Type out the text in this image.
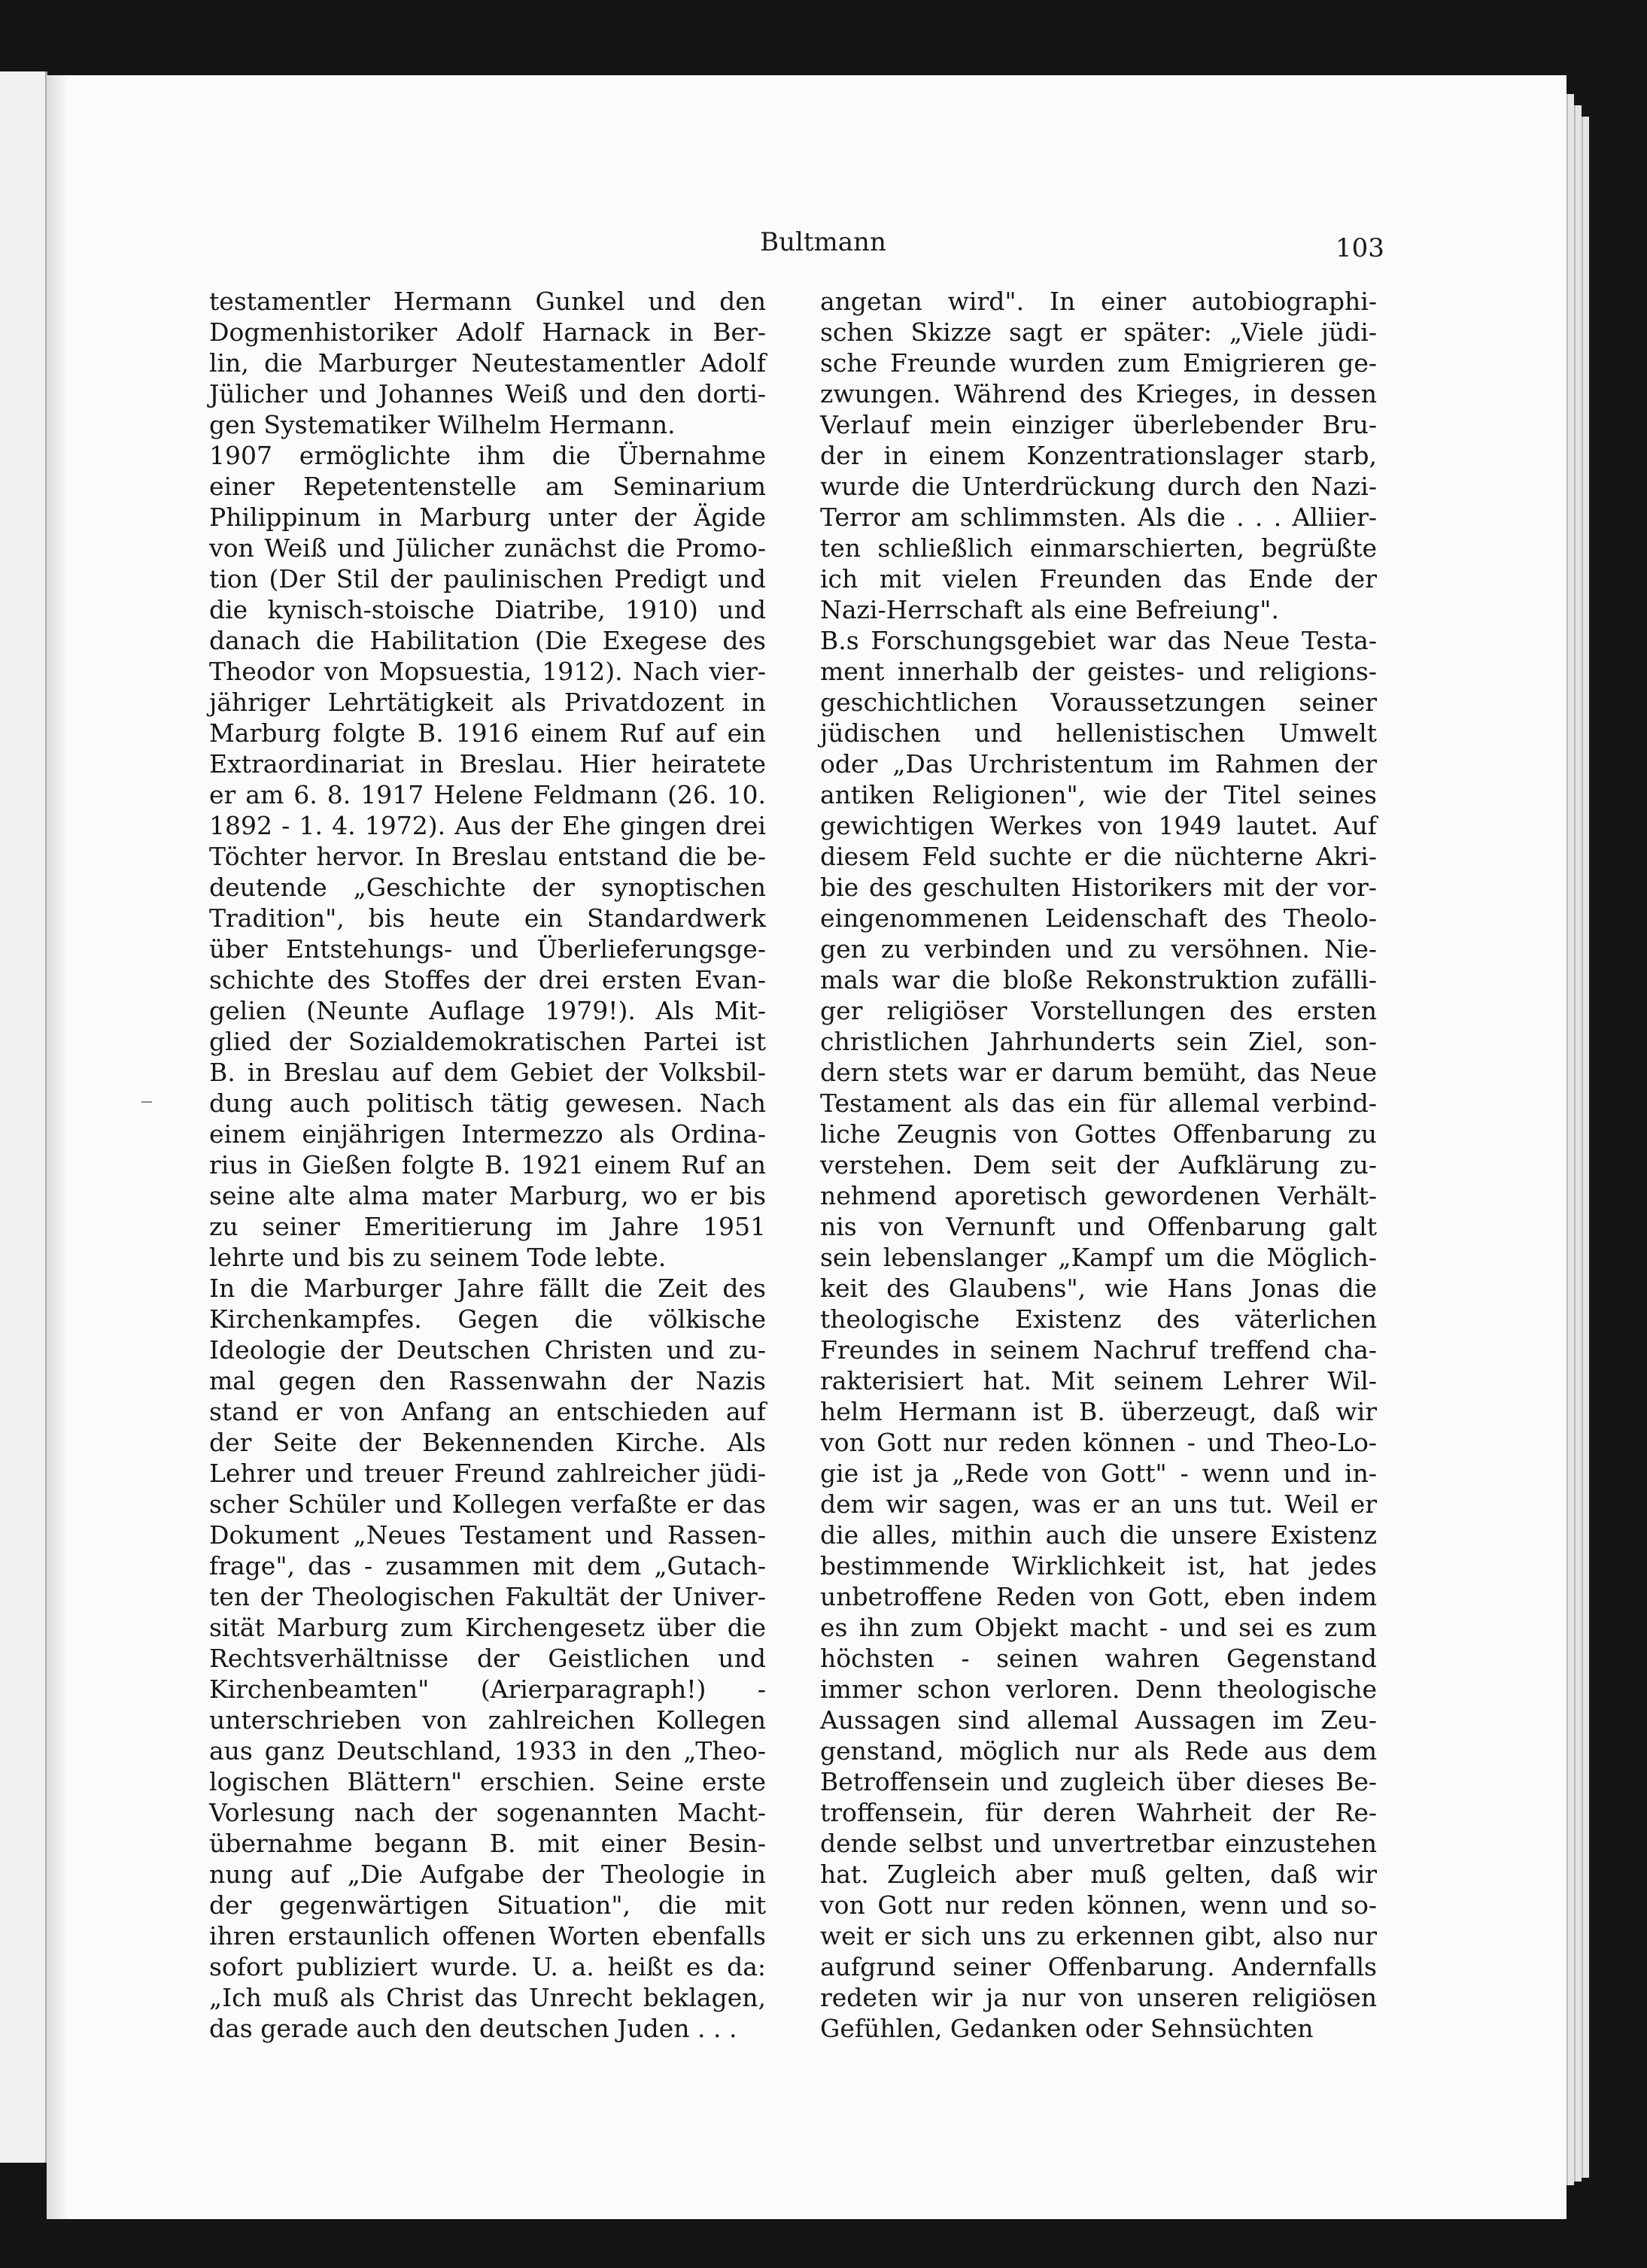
Bultmann	103
testamentler Hermann Gunkel und den
Dogmenhistoriker Adolf Harnack in Ber-
lin, die Marburger Neutestamentler Adolf
Jülicher und Johannes Weiß und den dorti-
gen Systematiker Wilhelm Hermann.
1907 ermöglichte ihm die Übernahme
einer Repetentenstelle am Seminarium
Philippinum in Marburg unter der Ägide
von Weiß und Jülicher zunächst die Promo-
tion (Der Stil der paulinischen Predigt und
die kynisch-stoische Diatribe, 1910) und
danach die Habilitation (Die Exegese des
Theodor von Mopsuestia, 1912). Nach vier-
jähriger Lehrtätigkeit als Privatdozent in
Marburg folgte B. 1916 einem Ruf auf ein
Extraordinariat in Breslau. Hier heiratete
er am 6. 8. 1917 Helene Feldmann (26. 10.
1892 - 1. 4. 1972). Aus der Ehe gingen drei
Töchter hervor. In Breslau entstand die be-
deutende „Geschichte der synoptischen
Tradition", bis heute ein Standardwerk
über Entstehungs- und Überlieferungsge-
schichte des Stoffes der drei ersten Evan-
gelien (Neunte Auflage 1979!). Als Mit-
glied der Sozialdemokratischen Partei ist
B. in Breslau auf dem Gebiet der Volksbil-
dung auch politisch tätig gewesen. Nach
einem einjährigen Intermezzo als Ordina-
rius in Gießen folgte B. 1921 einem Ruf an
seine alte alma mater Marburg, wo er bis
zu seiner Emeritierung im Jahre 1951
lehrte und bis zu seinem Tode lebte.
In die Marburger Jahre fällt die Zeit des
Kirchenkampfes. Gegen die völkische
Ideologie der Deutschen Christen und zu-
mal gegen den Rassenwahn der Nazis
stand er von Anfang an entschieden auf
der Seite der Bekennenden Kirche. Als
Lehrer und treuer Freund zahlreicher jüdi-
scher Schüler und Kollegen verfaßte er das
Dokument „Neues Testament und Rassen-
frage", das - zusammen mit dem „Gutach-
ten der Theologischen Fakultät der Univer-
sität Marburg zum Kirchengesetz über die
Rechtsverhältnisse der Geistlichen und
Kirchenbeamten" (Arierparagraph!) -
unterschrieben von zahlreichen Kollegen
aus ganz Deutschland, 1933 in den „Theo-
logischen Blättern" erschien. Seine erste
Vorlesung nach der sogenannten Macht-
übernahme begann B. mit einer Besin-
nung auf „Die Aufgabe der Theologie in
der gegenwärtigen Situation", die mit
ihren erstaunlich offenen Worten ebenfalls
sofort publiziert wurde. U. a. heißt es da:
„Ich muß als Christ das Unrecht beklagen,
das gerade auch den deutschen Juden . . .
angetan wird". In einer autobiographi-
schen Skizze sagt er später: „Viele jüdi-
sche Freunde wurden zum Emigrieren ge-
zwungen. Während des Krieges, in dessen
Verlauf mein einziger überlebender Bru-
der in einem Konzentrationslager starb,
wurde die Unterdrückung durch den Nazi-
Terror am schlimmsten. Als die . . . Alliier-
ten schließlich einmarschierten, begrüßte
ich mit vielen Freunden das Ende der
Nazi-Herrschaft als eine Befreiung".
B.s Forschungsgebiet war das Neue Testa-
ment innerhalb der geistes- und religions-
geschichtlichen Voraussetzungen seiner
jüdischen und hellenistischen Umwelt
oder „Das Urchristentum im Rahmen der
antiken Religionen", wie der Titel seines
gewichtigen Werkes von 1949 lautet. Auf
diesem Feld suchte er die nüchterne Akri-
bie des geschulten Historikers mit der vor-
eingenommenen Leidenschaft des Theolo-
gen zu verbinden und zu versöhnen. Nie-
mals war die bloße Rekonstruktion zufälli-
ger religiöser Vorstellungen des ersten
christlichen Jahrhunderts sein Ziel, son-
dern stets war er darum bemüht, das Neue
Testament als das ein für allemal verbind-
liche Zeugnis von Gottes Offenbarung zu
verstehen. Dem seit der Aufklärung zu-
nehmend aporetisch gewordenen Verhält-
nis von Vernunft und Offenbarung galt
sein lebenslanger „Kampf um die Möglich-
keit des Glaubens", wie Hans Jonas die
theologische Existenz des väterlichen
Freundes in seinem Nachruf treffend cha-
rakterisiert hat. Mit seinem Lehrer Wil-
helm Hermann ist B. überzeugt, daß wir
von Gott nur reden können - und Theo-Lo-
gie ist ja „Rede von Gott" - wenn und in-
dem wir sagen, was er an uns tut. Weil er
die alles, mithin auch die unsere Existenz
bestimmende Wirklichkeit ist, hat jedes
unbetroffene Reden von Gott, eben indem
es ihn zum Objekt macht - und sei es zum
höchsten - seinen wahren Gegenstand
immer schon verloren. Denn theologische
Aussagen sind allemal Aussagen im Zeu-
genstand, möglich nur als Rede aus dem
Betroffensein und zugleich über dieses Be-
troffensein, für deren Wahrheit der Re-
dende selbst und unvertretbar einzustehen
hat. Zugleich aber muß gelten, daß wir
von Gott nur reden können, wenn und so-
weit er sich uns zu erkennen gibt, also nur
aufgrund seiner Offenbarung. Andernfalls
redeten wir ja nur von unseren religiösen
Gefühlen, Gedanken oder Sehnsüchten
